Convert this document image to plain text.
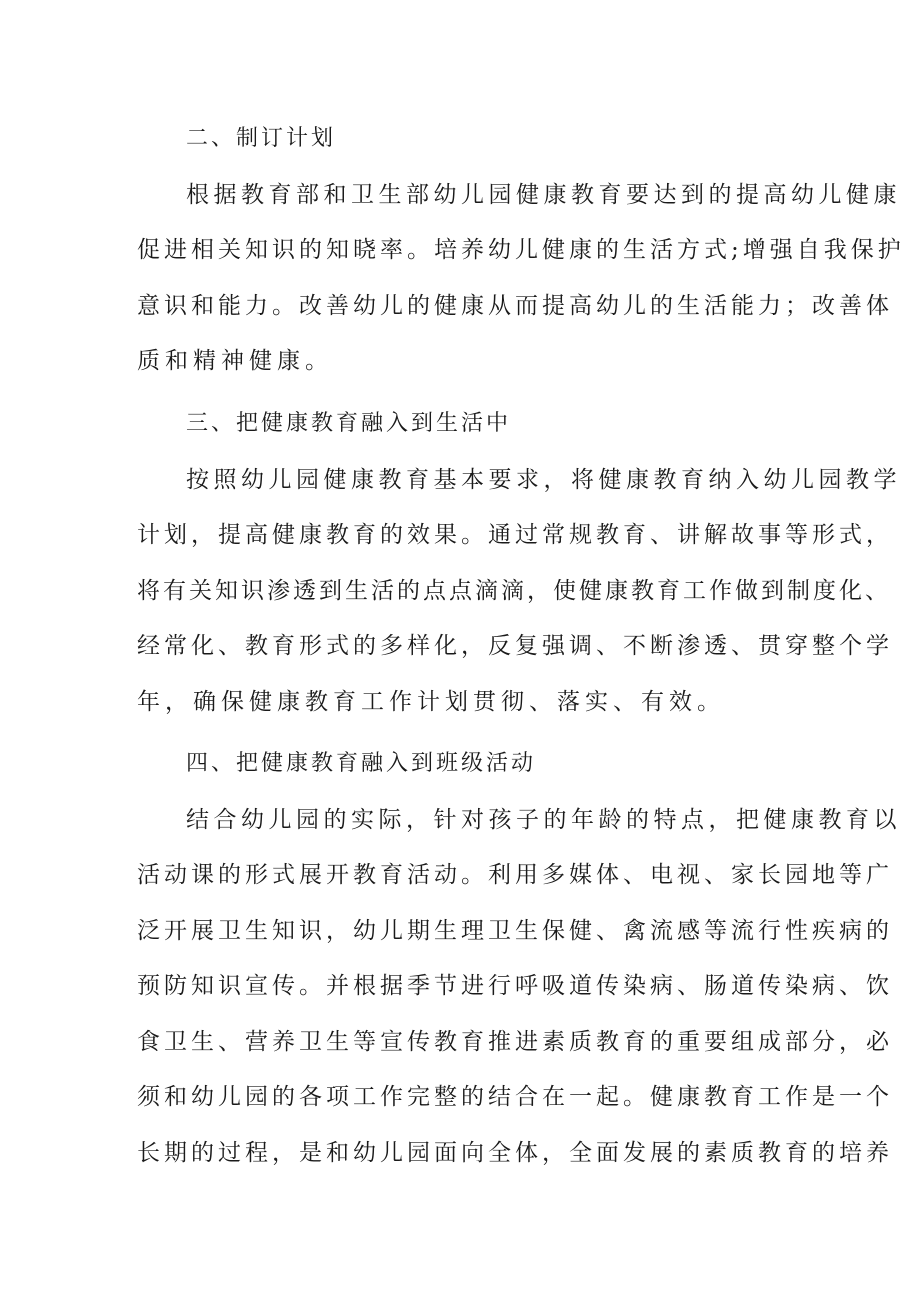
二、制订计划
根据教育部和卫生部幼儿园健康教育要达到的提高幼儿健康
促进相关知识的知晓率。培养幼儿健康的生活方式;增强自我保护
意识和能力。改善幼儿的健康从而提高幼儿的生活能力；改善体
质和精神健康。
三、把健康教育融入到生活中
按照幼儿园健康教育基本要求，将健康教育纳入幼儿园教学
计划，提高健康教育的效果。通过常规教育、讲解故事等形式，
将有关知识渗透到生活的点点滴滴，使健康教育工作做到制度化、
经常化、教育形式的多样化，反复强调、不断渗透、贯穿整个学
年，确保健康教育工作计划贯彻、落实、有效。
四、把健康教育融入到班级活动
结合幼儿园的实际，针对孩子的年龄的特点，把健康教育以
活动课的形式展开教育活动。利用多媒体、电视、家长园地等广
泛开展卫生知识，幼儿期生理卫生保健、禽流感等流行性疾病的
预防知识宣传。并根据季节进行呼吸道传染病、肠道传染病、饮
食卫生、营养卫生等宣传教育推进素质教育的重要组成部分，必
须和幼儿园的各项工作完整的结合在一起。健康教育工作是一个
长期的过程，是和幼儿园面向全体，全面发展的素质教育的培养
